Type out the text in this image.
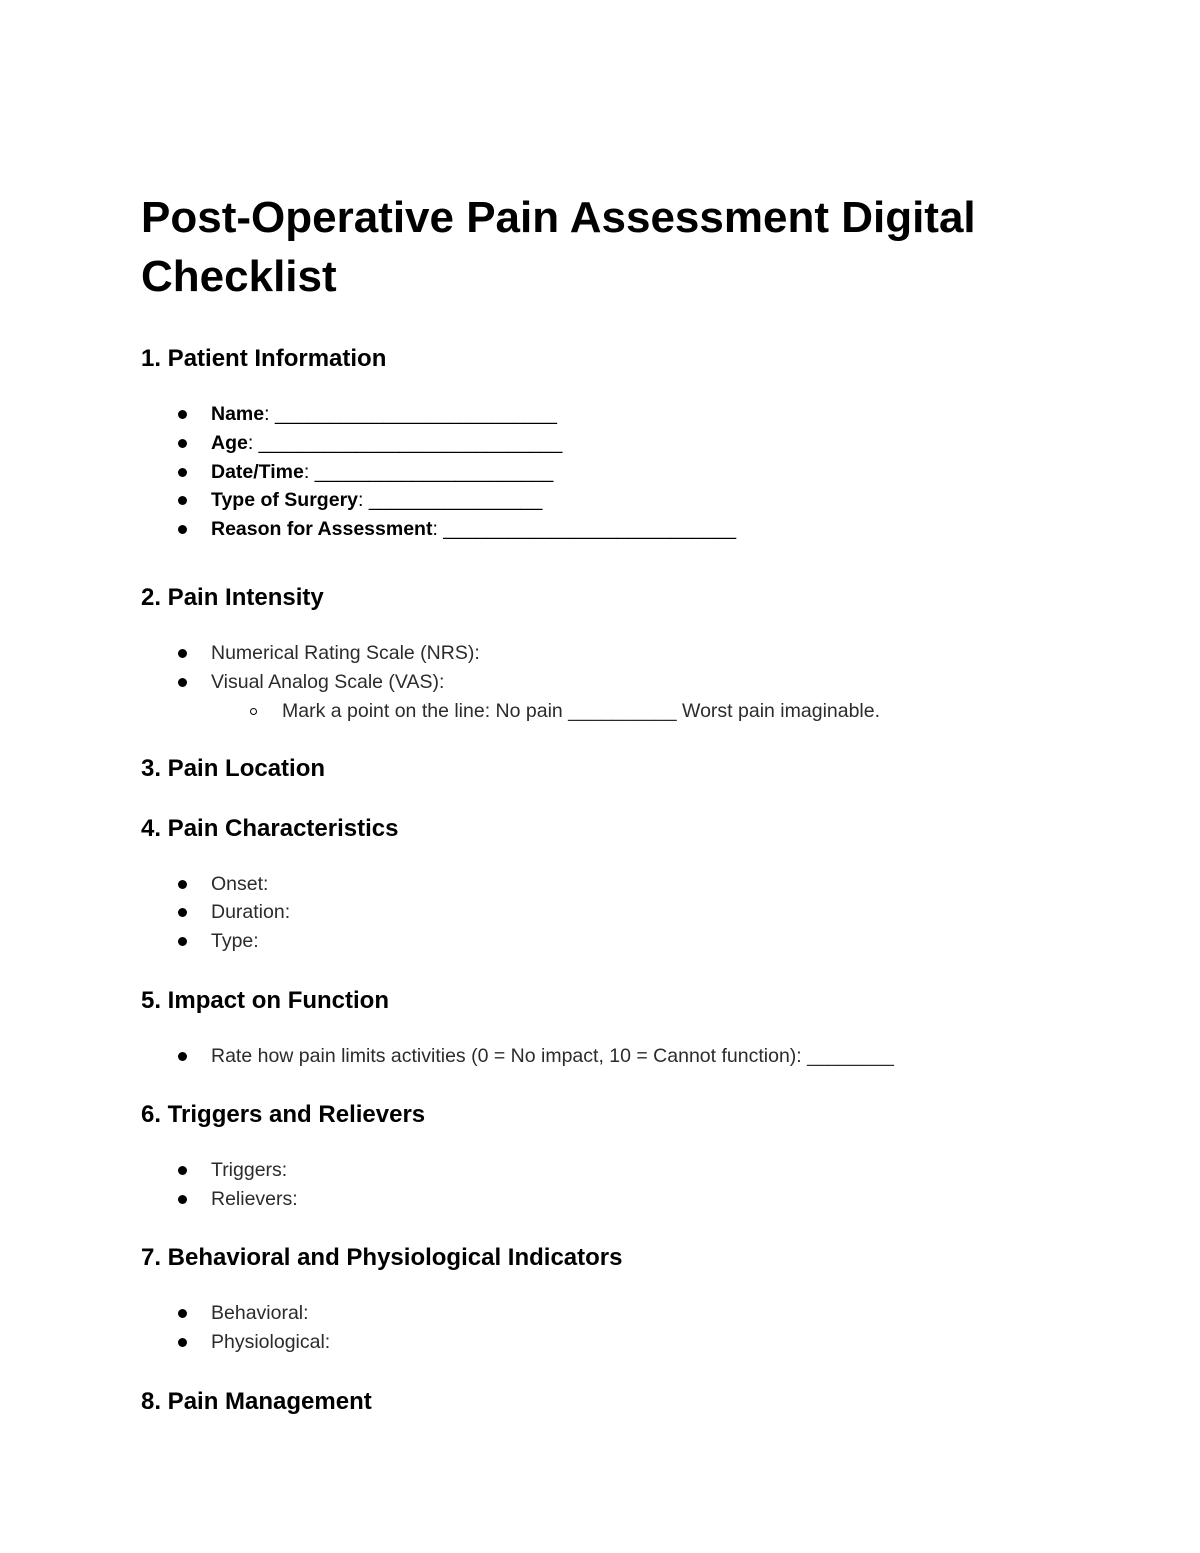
Post-Operative Pain Assessment Digital
Checklist
1. Patient Information
Name: __________________________
Age: ____________________________
Date/Time: ______________________
Type of Surgery: ________________
Reason for Assessment: ___________________________
2. Pain Intensity
Numerical Rating Scale (NRS):
Visual Analog Scale (VAS):
Mark a point on the line: No pain __________ Worst pain imaginable.
3. Pain Location
4. Pain Characteristics
Onset:
Duration:
Type:
5. Impact on Function
Rate how pain limits activities (0 = No impact, 10 = Cannot function): ________
6. Triggers and Relievers
Triggers:
Relievers:
7. Behavioral and Physiological Indicators
Behavioral:
Physiological:
8. Pain Management
